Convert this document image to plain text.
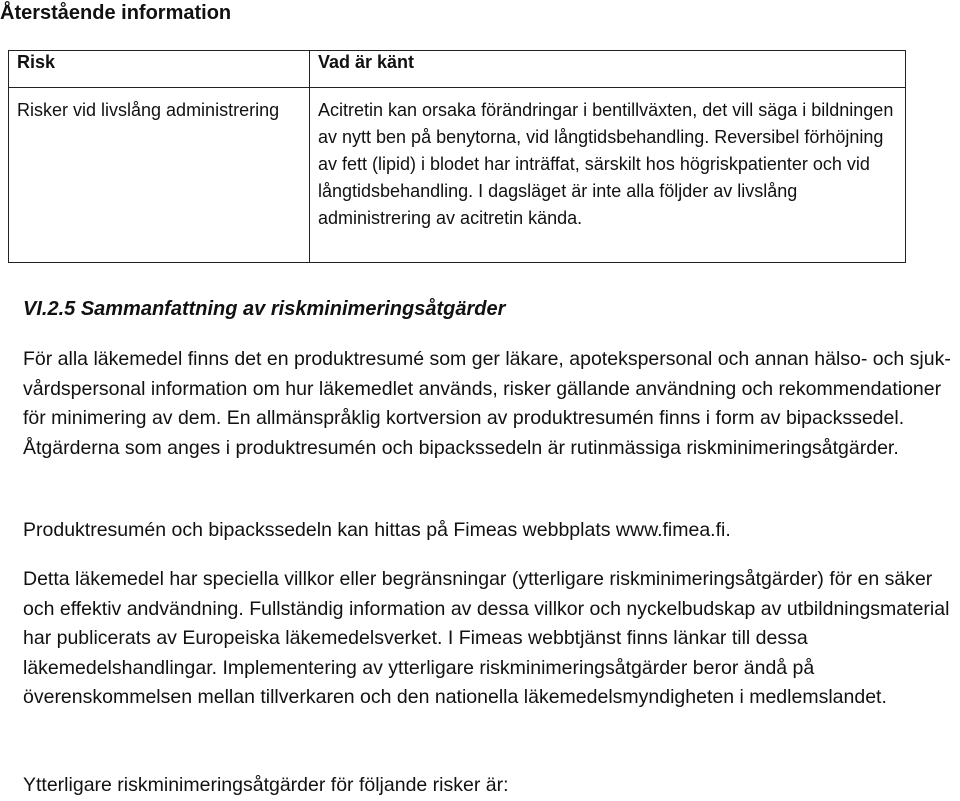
Återstående information
Risk	Vad är känt
Risker vid livslång administrering	Acitretin kan orsaka förändringar i bentillväxten, det vill säga i bildningen av nytt ben på benytorna, vid långtidsbehandling. Reversibel förhöjning av fett (lipid) i blodet har inträffat, särskilt hos högriskpatienter och vid långtidsbehandling. I dagsläget är inte alla följder av livslång administrering av acitretin kända.
VI.2.5 Sammanfattning av riskminimeringsåtgärder

För alla läkemedel finns det en produktresumé som ger läkare, apotekspersonal och annan hälso- och sjuk- vårdspersonal information om hur läkemedlet används, risker gällande användning och rekommendationer för minimering av dem. En allmänspråklig kortversion av produktresumén finns i form av bipackssedel. Åtgärderna som anges i produktresumén och bipackssedeln är rutinmässiga riskminimeringsåtgärder.

Produktresumén och bipackssedeln kan hittas på Fimeas webbplats www.fimea.fi.

Detta läkemedel har speciella villkor eller begränsningar (ytterligare riskminimeringsåtgärder) för en säker och effektiv andvändning. Fullständig information av dessa villkor och nyckelbudskap av utbildningsmaterial har publicerats av Europeiska läkemedelsverket. I Fimeas webbtjänst finns länkar till dessa läkemedelshandlingar. Implementering av ytterligare riskminimeringsåtgärder beror ändå på överenskommelsen mellan tillverkaren och den nationella läkemedelsmyndigheten i medlemslandet.

Ytterligare riskminimeringsåtgärder för följande risker är:
